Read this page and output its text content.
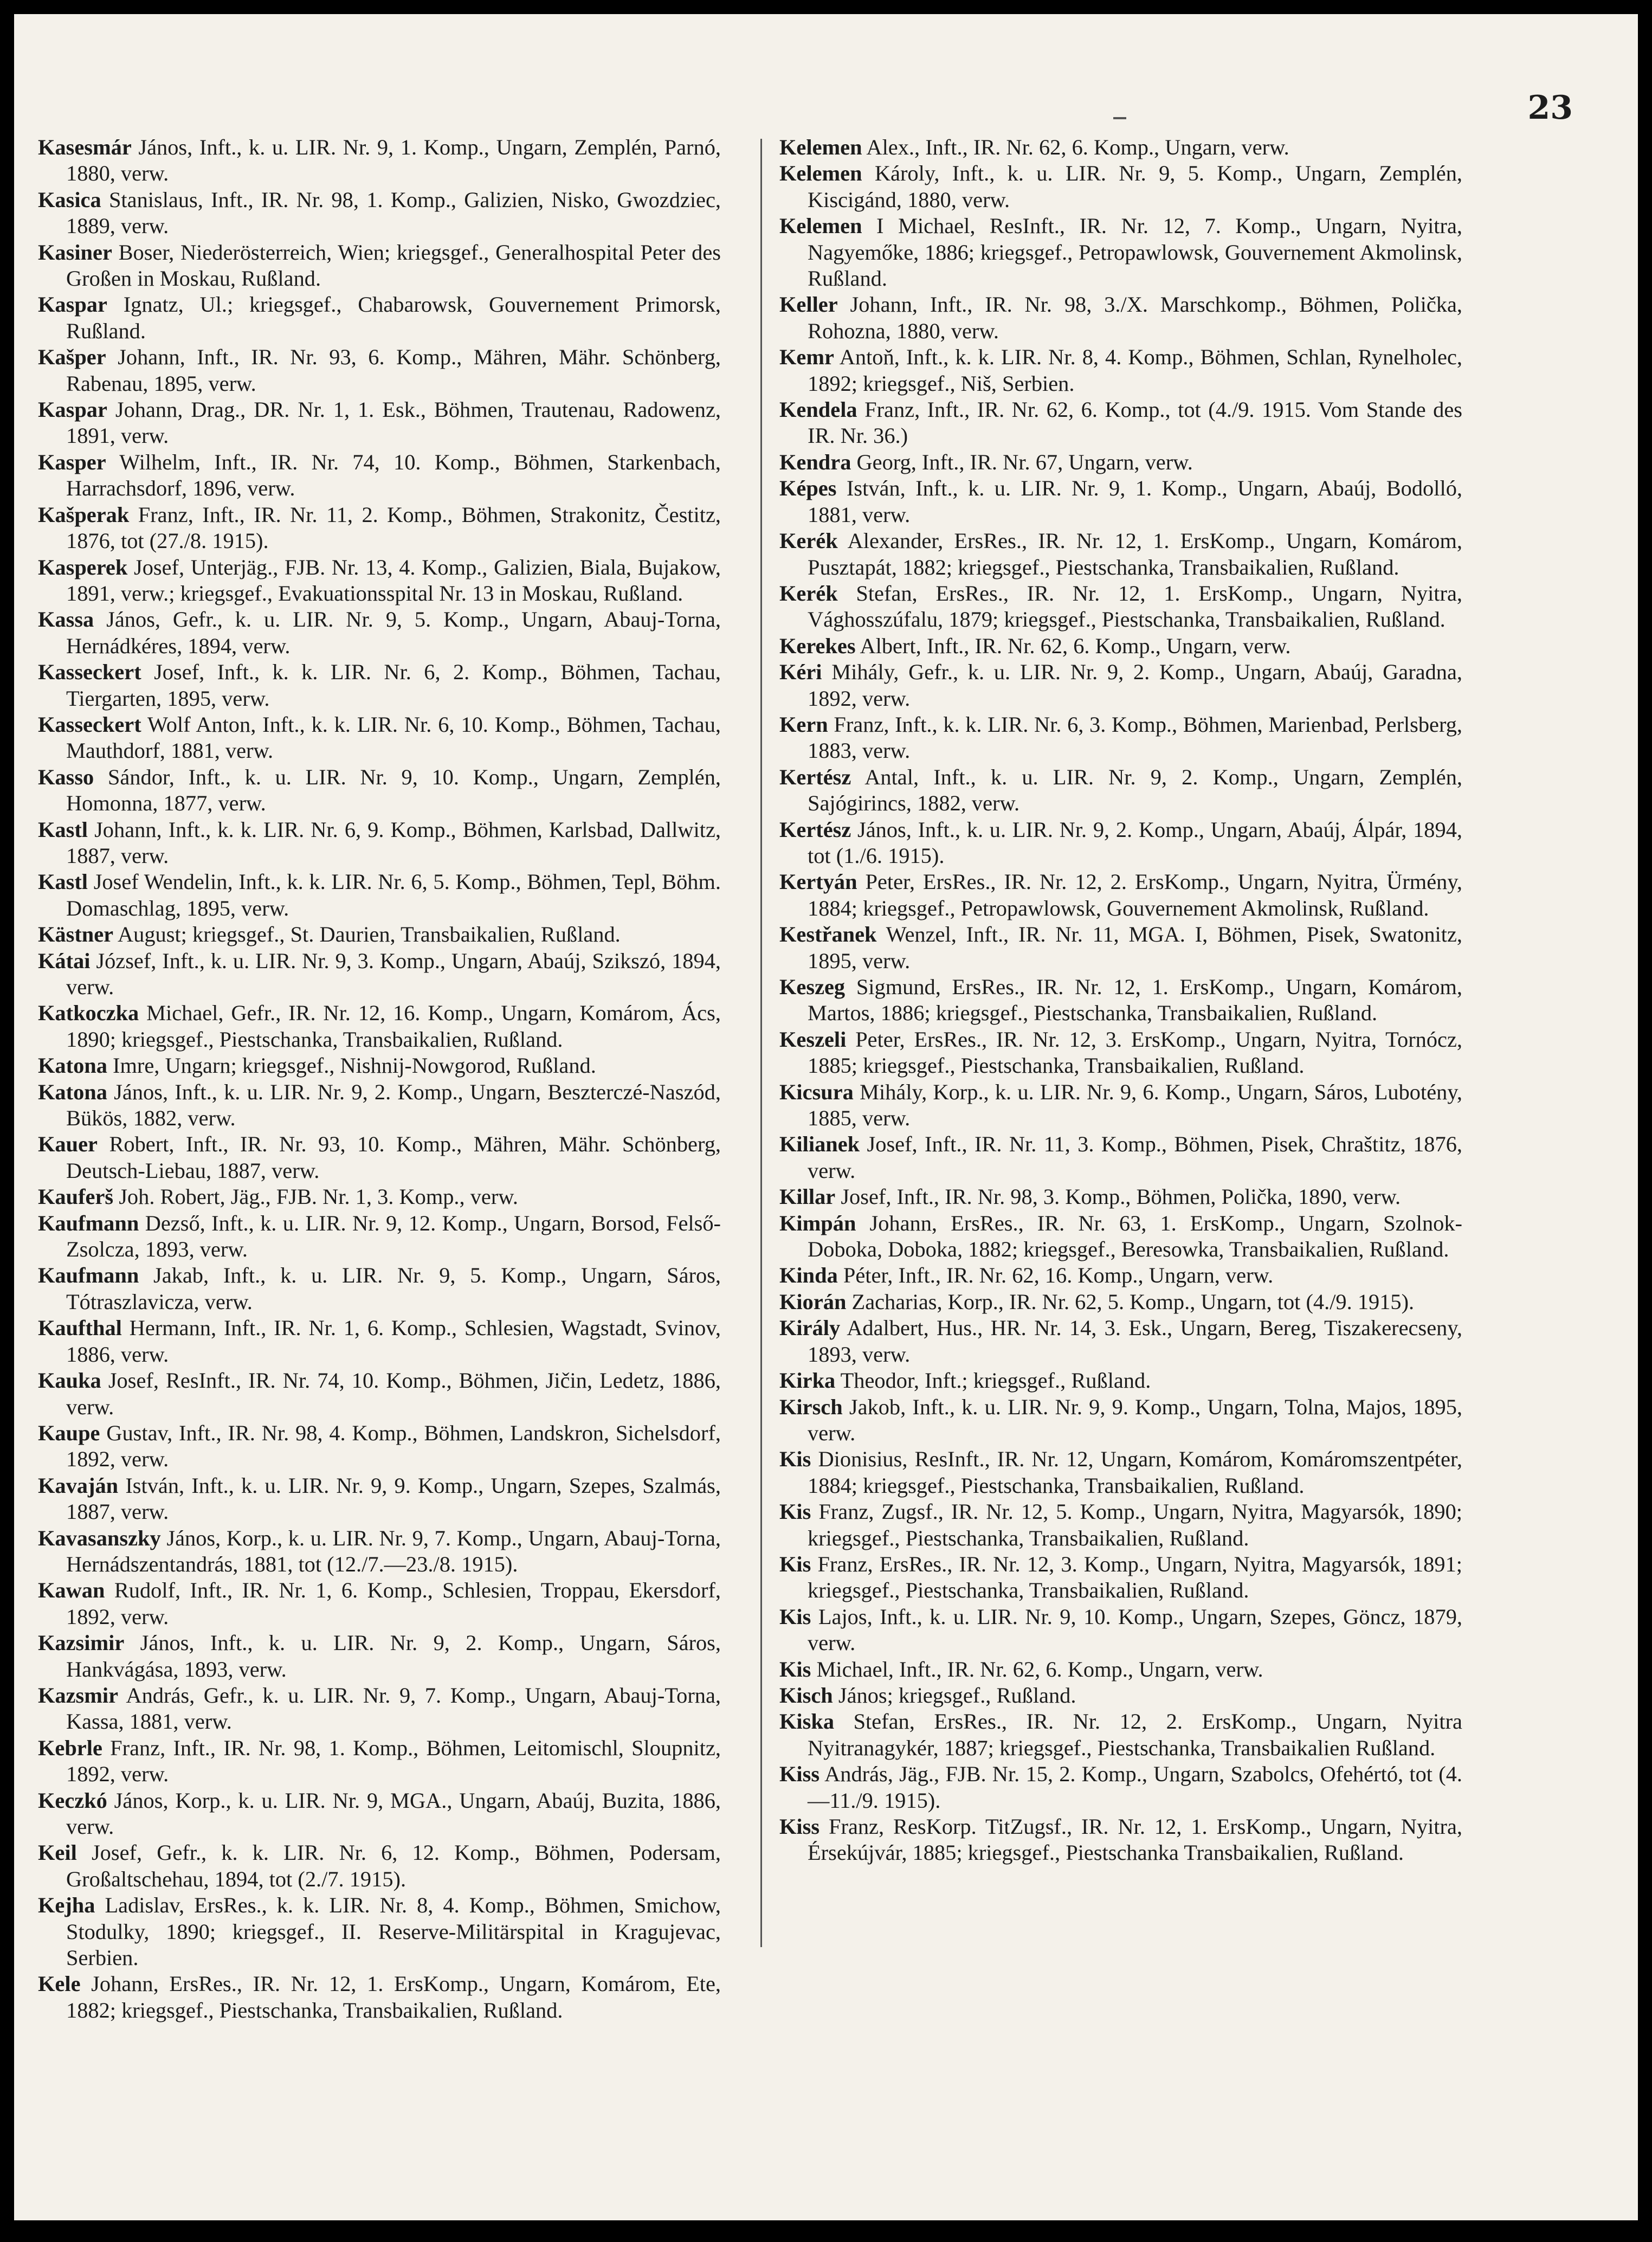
23

Kasesmár János, Inft., k. u. LIR. Nr. 9, 1. Komp., Ungarn, Zemplén, Parnó, 1880, verw.

Kasica Stanislaus, Inft., IR. Nr. 98, 1. Komp., Galizien, Nisko, Gwozdziec, 1889, verw.

Kasiner Boser, Niederösterreich, Wien; kriegsgef., Generalhospital Peter des Großen in Moskau, Rußland.

Kaspar Ignatz, Ul.; kriegsgef., Chabarowsk, Gouvernement Primorsk, Rußland.

Kašper Johann, Inft., IR. Nr. 93, 6. Komp., Mähren, Mähr. Schönberg, Rabenau, 1895, verw.

Kaspar Johann, Drag., DR. Nr. 1, 1. Esk., Böhmen, Trautenau, Radowenz, 1891, verw.

Kasper Wilhelm, Inft., IR. Nr. 74, 10. Komp., Böhmen, Starkenbach, Harrachsdorf, 1896, verw.

Kašperak Franz, Inft., IR. Nr. 11, 2. Komp., Böhmen, Strakonitz, Čestitz, 1876, tot (27./8. 1915).

Kasperek Josef, Unterjäg., FJB. Nr. 13, 4. Komp., Galizien, Biala, Bujakow, 1891, verw.; kriegsgef., Evakuationsspital Nr. 13 in Moskau, Rußland.

Kassa János, Gefr., k. u. LIR. Nr. 9, 5. Komp., Ungarn, Abauj-Torna, Hernádkéres, 1894, verw.

Kasseckert Josef, Inft., k. k. LIR. Nr. 6, 2. Komp., Böhmen, Tachau, Tiergarten, 1895, verw.

Kasseckert Wolf Anton, Inft., k. k. LIR. Nr. 6, 10. Komp., Böhmen, Tachau, Mauthdorf, 1881, verw.

Kasso Sándor, Inft., k. u. LIR. Nr. 9, 10. Komp., Ungarn, Zemplén, Homonna, 1877, verw.

Kastl Johann, Inft., k. k. LIR. Nr. 6, 9. Komp., Böhmen, Karlsbad, Dallwitz, 1887, verw.

Kastl Josef Wendelin, Inft., k. k. LIR. Nr. 6, 5. Komp., Böhmen, Tepl, Böhm. Domaschlag, 1895, verw.

Kästner August; kriegsgef., St. Daurien, Transbaikalien, Rußland.

Kátai József, Inft., k. u. LIR. Nr. 9, 3. Komp., Ungarn, Abaúj, Szikszó, 1894, verw.

Katkoczka Michael, Gefr., IR. Nr. 12, 16. Komp., Ungarn, Komárom, Ács, 1890; kriegsgef., Piestschanka, Transbaikalien, Rußland.

Katona Imre, Ungarn; kriegsgef., Nishnij-Nowgorod, Rußland.

Katona János, Inft., k. u. LIR. Nr. 9, 2. Komp., Ungarn, Beszterczé-Naszód, Bükös, 1882, verw.

Kauer Robert, Inft., IR. Nr. 93, 10. Komp., Mähren, Mähr. Schönberg, Deutsch-Liebau, 1887, verw.

Kauferš Joh. Robert, Jäg., FJB. Nr. 1, 3. Komp., verw.

Kaufmann Dezső, Inft., k. u. LIR. Nr. 9, 12. Komp., Ungarn, Borsod, Felső-Zsolcza, 1893, verw.

Kaufmann Jakab, Inft., k. u. LIR. Nr. 9, 5. Komp., Ungarn, Sáros, Tótraszlavicza, verw.

Kaufthal Hermann, Inft., IR. Nr. 1, 6. Komp., Schlesien, Wagstadt, Svinov, 1886, verw.

Kauka Josef, ResInft., IR. Nr. 74, 10. Komp., Böhmen, Jičin, Ledetz, 1886, verw.

Kaupe Gustav, Inft., IR. Nr. 98, 4. Komp., Böhmen, Landskron, Sichelsdorf, 1892, verw.

Kavaján István, Inft., k. u. LIR. Nr. 9, 9. Komp., Ungarn, Szepes, Szalmás, 1887, verw.

Kavasanszky János, Korp., k. u. LIR. Nr. 9, 7. Komp., Ungarn, Abauj-Torna, Hernádszentandrás, 1881, tot (12./7.—23./8. 1915).

Kawan Rudolf, Inft., IR. Nr. 1, 6. Komp., Schlesien, Troppau, Ekersdorf, 1892, verw.

Kazsimir János, Inft., k. u. LIR. Nr. 9, 2. Komp., Ungarn, Sáros, Hankvágása, 1893, verw.

Kazsmir András, Gefr., k. u. LIR. Nr. 9, 7. Komp., Ungarn, Abauj-Torna, Kassa, 1881, verw.

Kebrle Franz, Inft., IR. Nr. 98, 1. Komp., Böhmen, Leitomischl, Sloupnitz, 1892, verw.

Keczkó János, Korp., k. u. LIR. Nr. 9, MGA., Ungarn, Abaúj, Buzita, 1886, verw.

Keil Josef, Gefr., k. k. LIR. Nr. 6, 12. Komp., Böhmen, Podersam, Großaltschehau, 1894, tot (2./7. 1915).

Kejha Ladislav, ErsRes., k. k. LIR. Nr. 8, 4. Komp., Böhmen, Smichow, Stodulky, 1890; kriegsgef., II. Reserve-Militärspital in Kragujevac, Serbien.

Kele Johann, ErsRes., IR. Nr. 12, 1. ErsKomp., Ungarn, Komárom, Ete, 1882; kriegsgef., Piestschanka, Transbaikalien, Rußland.

Kelemen Alex., Inft., IR. Nr. 62, 6. Komp., Ungarn, verw.

Kelemen Károly, Inft., k. u. LIR. Nr. 9, 5. Komp., Ungarn, Zemplén, Kiscigánd, 1880, verw.

Kelemen I Michael, ResInft., IR. Nr. 12, 7. Komp., Ungarn, Nyitra, Nagyemőke, 1886; kriegsgef., Petropawlowsk, Gouvernement Akmolinsk, Rußland.

Keller Johann, Inft., IR. Nr. 98, 3./X. Marschkomp., Böhmen, Polička, Rohozna, 1880, verw.

Kemr Antoň, Inft., k. k. LIR. Nr. 8, 4. Komp., Böhmen, Schlan, Rynelholec, 1892; kriegsgef., Niš, Serbien.

Kendela Franz, Inft., IR. Nr. 62, 6. Komp., tot (4./9. 1915. Vom Stande des IR. Nr. 36.)

Kendra Georg, Inft., IR. Nr. 67, Ungarn, verw.

Képes István, Inft., k. u. LIR. Nr. 9, 1. Komp., Ungarn, Abaúj, Bodolló, 1881, verw.

Kerék Alexander, ErsRes., IR. Nr. 12, 1. ErsKomp., Ungarn, Komárom, Pusztapát, 1882; kriegsgef., Piestschanka, Transbaikalien, Rußland.

Kerék Stefan, ErsRes., IR. Nr. 12, 1. ErsKomp., Ungarn, Nyitra, Vághosszúfalu, 1879; kriegsgef., Piestschanka, Transbaikalien, Rußland.

Kerekes Albert, Inft., IR. Nr. 62, 6. Komp., Ungarn, verw.

Kéri Mihály, Gefr., k. u. LIR. Nr. 9, 2. Komp., Ungarn, Abaúj, Garadna, 1892, verw.

Kern Franz, Inft., k. k. LIR. Nr. 6, 3. Komp., Böhmen, Marienbad, Perlsberg, 1883, verw.

Kertész Antal, Inft., k. u. LIR. Nr. 9, 2. Komp., Ungarn, Zemplén, Sajógirincs, 1882, verw.

Kertész János, Inft., k. u. LIR. Nr. 9, 2. Komp., Ungarn, Abaúj, Álpár, 1894, tot (1./6. 1915).

Kertyán Peter, ErsRes., IR. Nr. 12, 2. ErsKomp., Ungarn, Nyitra, Ürmény, 1884; kriegsgef., Petropawlowsk, Gouvernement Akmolinsk, Rußland.

Kestřanek Wenzel, Inft., IR. Nr. 11, MGA. I, Böhmen, Pisek, Swatonitz, 1895, verw.

Keszeg Sigmund, ErsRes., IR. Nr. 12, 1. ErsKomp., Ungarn, Komárom, Martos, 1886; kriegsgef., Piestschanka, Transbaikalien, Rußland.

Keszeli Peter, ErsRes., IR. Nr. 12, 3. ErsKomp., Ungarn, Nyitra, Tornócz, 1885; kriegsgef., Piestschanka, Transbaikalien, Rußland.

Kicsura Mihály, Korp., k. u. LIR. Nr. 9, 6. Komp., Ungarn, Sáros, Lubotény, 1885, verw.

Kilianek Josef, Inft., IR. Nr. 11, 3. Komp., Böhmen, Pisek, Chraštitz, 1876, verw.

Killar Josef, Inft., IR. Nr. 98, 3. Komp., Böhmen, Polička, 1890, verw.

Kimpán Johann, ErsRes., IR. Nr. 63, 1. ErsKomp., Ungarn, Szolnok-Doboka, Doboka, 1882; kriegsgef., Beresowka, Transbaikalien, Rußland.

Kinda Péter, Inft., IR. Nr. 62, 16. Komp., Ungarn, verw.

Kiorán Zacharias, Korp., IR. Nr. 62, 5. Komp., Ungarn, tot (4./9. 1915).

Király Adalbert, Hus., HR. Nr. 14, 3. Esk., Ungarn, Bereg, Tiszakerecseny, 1893, verw.

Kirka Theodor, Inft.; kriegsgef., Rußland.

Kirsch Jakob, Inft., k. u. LIR. Nr. 9, 9. Komp., Ungarn, Tolna, Majos, 1895, verw.

Kis Dionisius, ResInft., IR. Nr. 12, Ungarn, Komárom, Komáromszentpéter, 1884; kriegsgef., Piestschanka, Transbaikalien, Rußland.

Kis Franz, Zugsf., IR. Nr. 12, 5. Komp., Ungarn, Nyitra, Magyarsók, 1890; kriegsgef., Piestschanka, Transbaikalien, Rußland.

Kis Franz, ErsRes., IR. Nr. 12, 3. Komp., Ungarn, Nyitra, Magyarsók, 1891; kriegsgef., Piestschanka, Transbaikalien, Rußland.

Kis Lajos, Inft., k. u. LIR. Nr. 9, 10. Komp., Ungarn, Szepes, Göncz, 1879, verw.

Kis Michael, Inft., IR. Nr. 62, 6. Komp., Ungarn, verw.

Kisch János; kriegsgef., Rußland.

Kiska Stefan, ErsRes., IR. Nr. 12, 2. ErsKomp., Ungarn, Nyitra Nyitranagykér, 1887; kriegsgef., Piestschanka, Transbaikalien Rußland.

Kiss András, Jäg., FJB. Nr. 15, 2. Komp., Ungarn, Szabolcs, Ofehértó, tot (4.—11./9. 1915).

Kiss Franz, ResKorp. TitZugsf., IR. Nr. 12, 1. ErsKomp., Ungarn, Nyitra, Érsekújvár, 1885; kriegsgef., Piestschanka Transbaikalien, Rußland.
